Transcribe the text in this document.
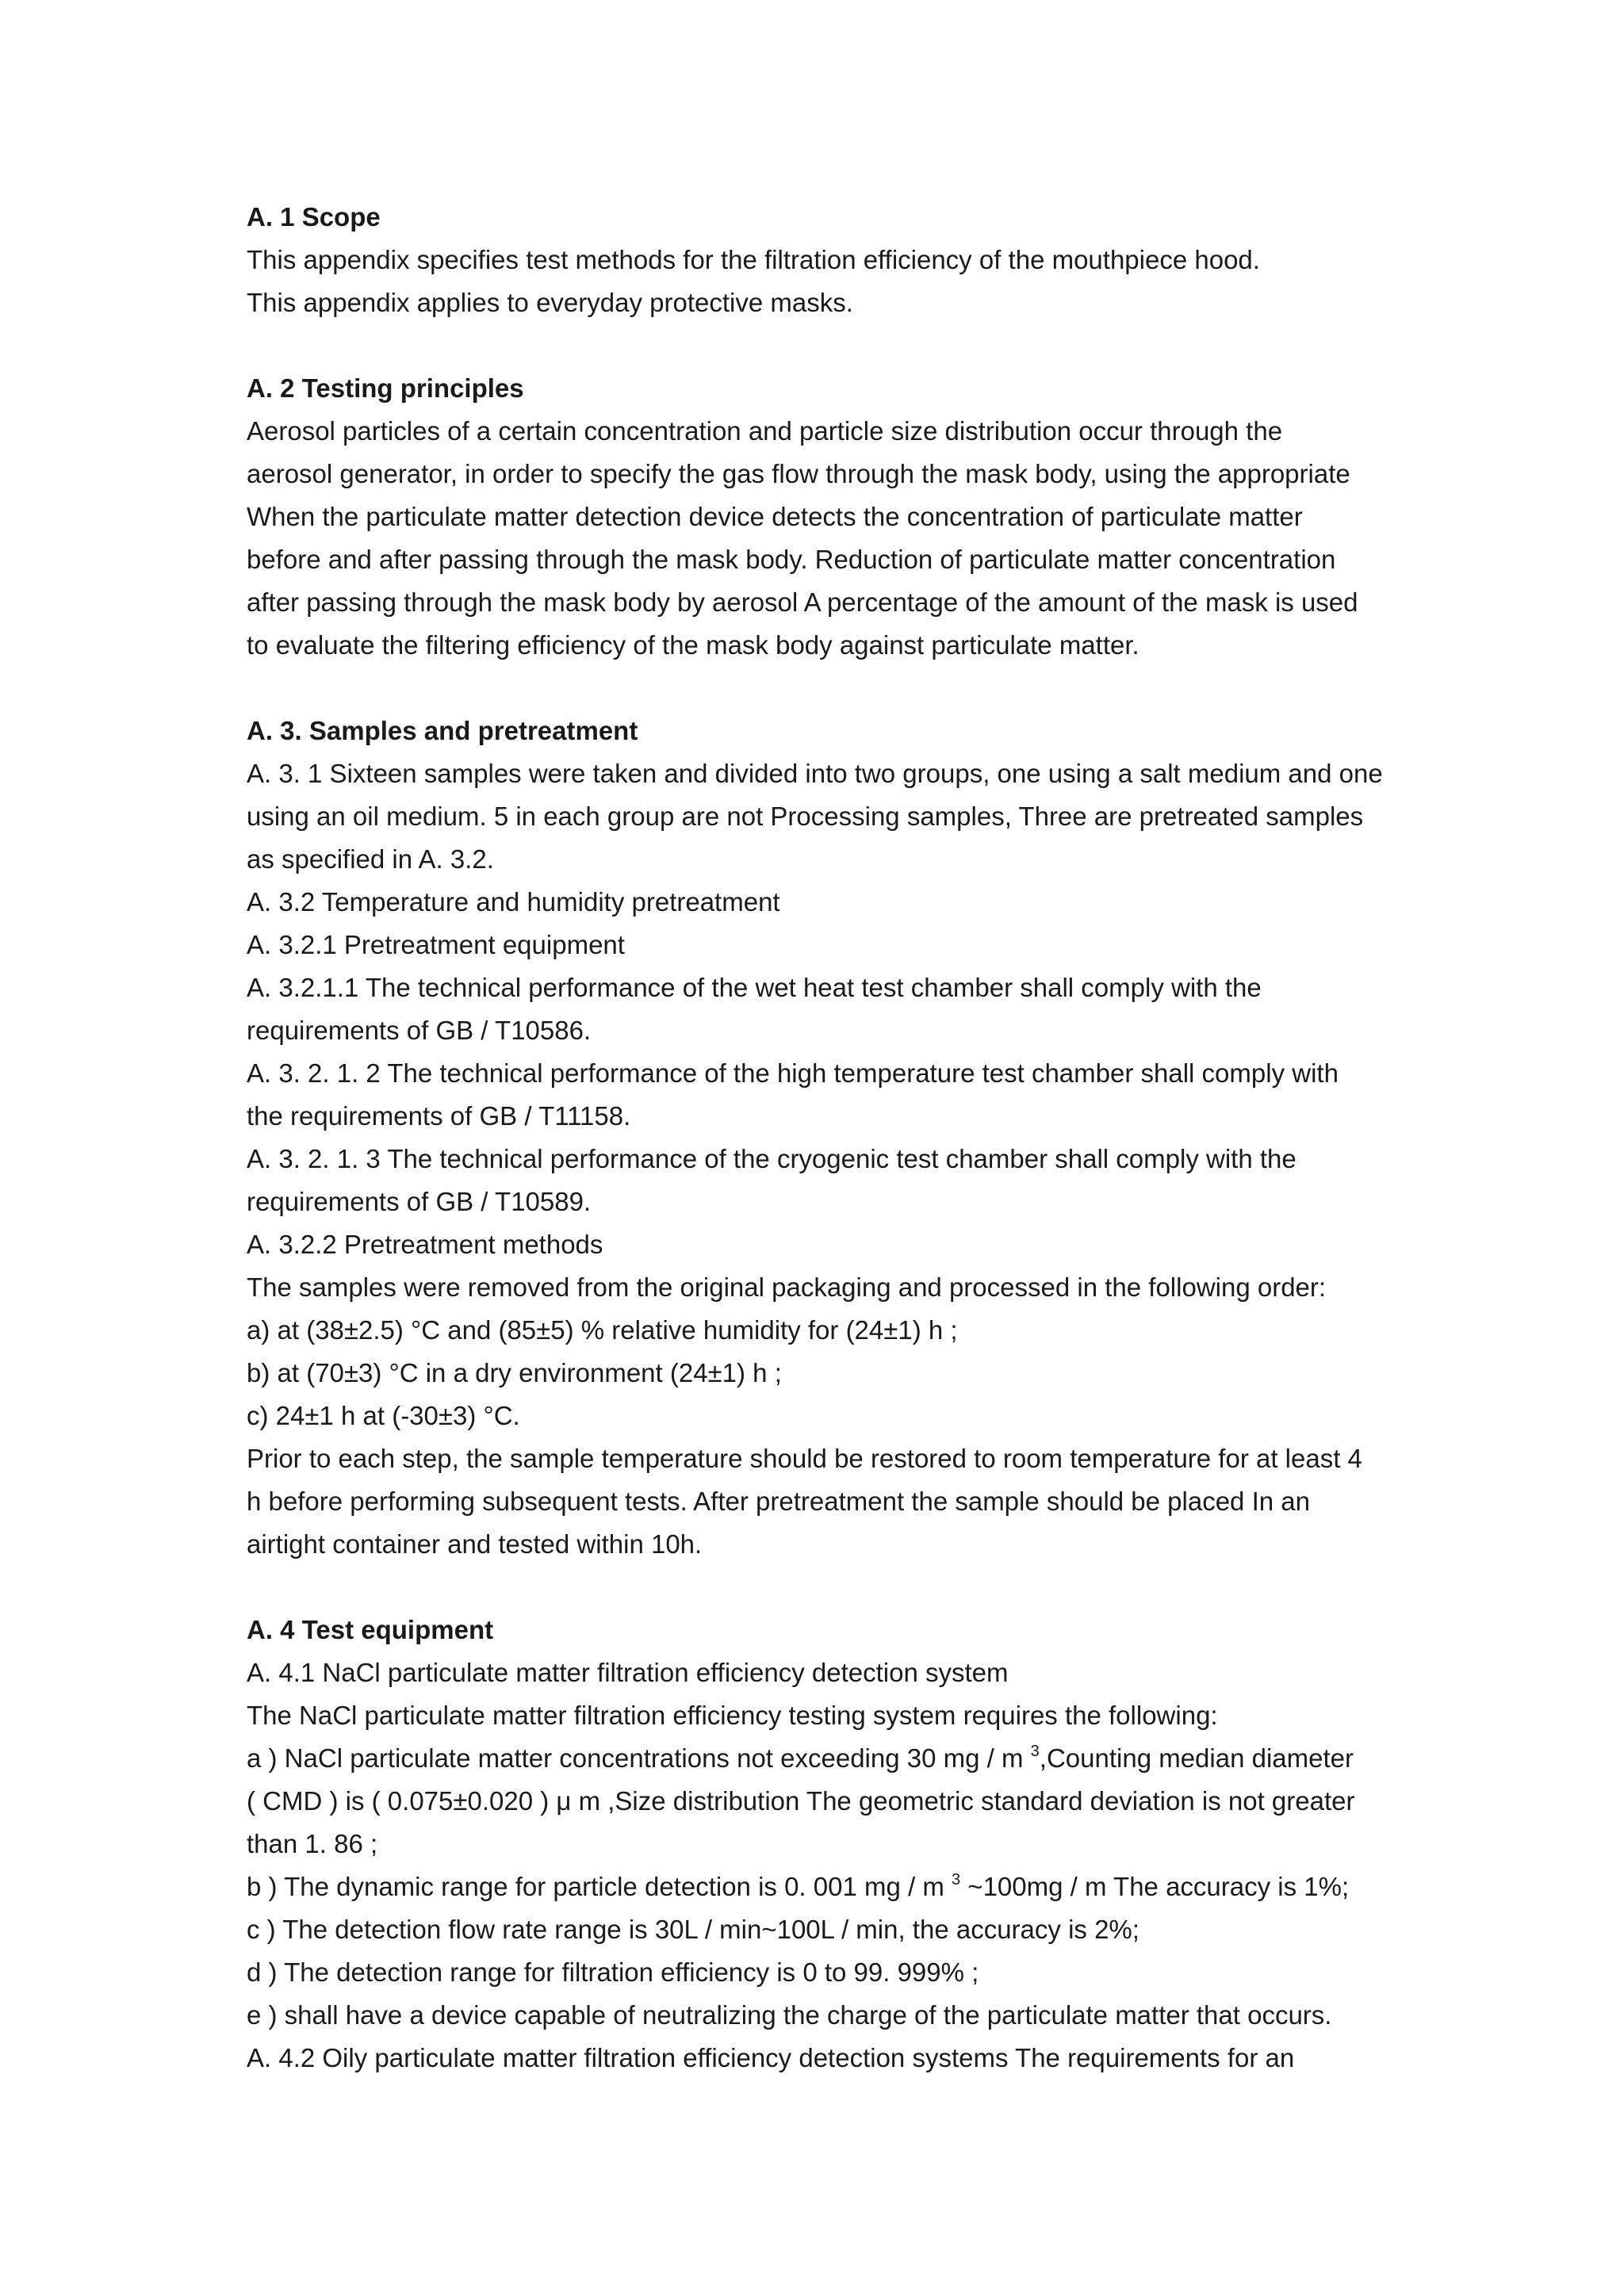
A. 1 Scope

This appendix specifies test methods for the filtration efficiency of the mouthpiece hood.

This appendix applies to everyday protective masks.

A. 2 Testing principles

Aerosol particles of a certain concentration and particle size distribution occur through the

aerosol generator, in order to specify the gas flow through the mask body, using the appropriate

When the particulate matter detection device detects the concentration of particulate matter

before and after passing through the mask body. Reduction of particulate matter concentration

after passing through the mask body by aerosol A percentage of the amount of the mask is used

to evaluate the filtering efficiency of the mask body against particulate matter.

A. 3. Samples and pretreatment

A. 3. 1 Sixteen samples were taken and divided into two groups, one using a salt medium and one

using an oil medium. 5 in each group are not Processing samples, Three are pretreated samples

as specified in A. 3.2.

A. 3.2 Temperature and humidity pretreatment

A. 3.2.1 Pretreatment equipment

A. 3.2.1.1 The technical performance of the wet heat test chamber shall comply with the

requirements of GB / T10586.

A. 3. 2. 1. 2 The technical performance of the high temperature test chamber shall comply with

the requirements of GB / T11158.

A. 3. 2. 1. 3 The technical performance of the cryogenic test chamber shall comply with the

requirements of GB / T10589.

A. 3.2.2 Pretreatment methods

The samples were removed from the original packaging and processed in the following order:

a) at (38±2.5) °C and (85±5) % relative humidity for (24±1) h ;

b) at (70±3) °C in a dry environment (24±1) h ;

c) 24±1 h at (-30±3) °C.

Prior to each step, the sample temperature should be restored to room temperature for at least 4

h before performing subsequent tests. After pretreatment the sample should be placed In an

airtight container and tested within 10h.

A. 4 Test equipment

A. 4.1 NaCl particulate matter filtration efficiency detection system

The NaCl particulate matter filtration efficiency testing system requires the following:

a ) NaCl particulate matter concentrations not exceeding 30 mg / m $^3$,Counting median diameter

( CMD ) is ( 0.075±0.020 ) μ m ,Size distribution The geometric standard deviation is not greater

than 1. 86 ;

b ) The dynamic range for particle detection is 0. 001 mg / m $^3$ ~100mg / m The accuracy is 1%;

c ) The detection flow rate range is 30L / min~100L / min, the accuracy is 2%;

d ) The detection range for filtration efficiency is 0 to 99. 999% ;

e ) shall have a device capable of neutralizing the charge of the particulate matter that occurs.

A. 4.2 Oily particulate matter filtration efficiency detection systems The requirements for an
